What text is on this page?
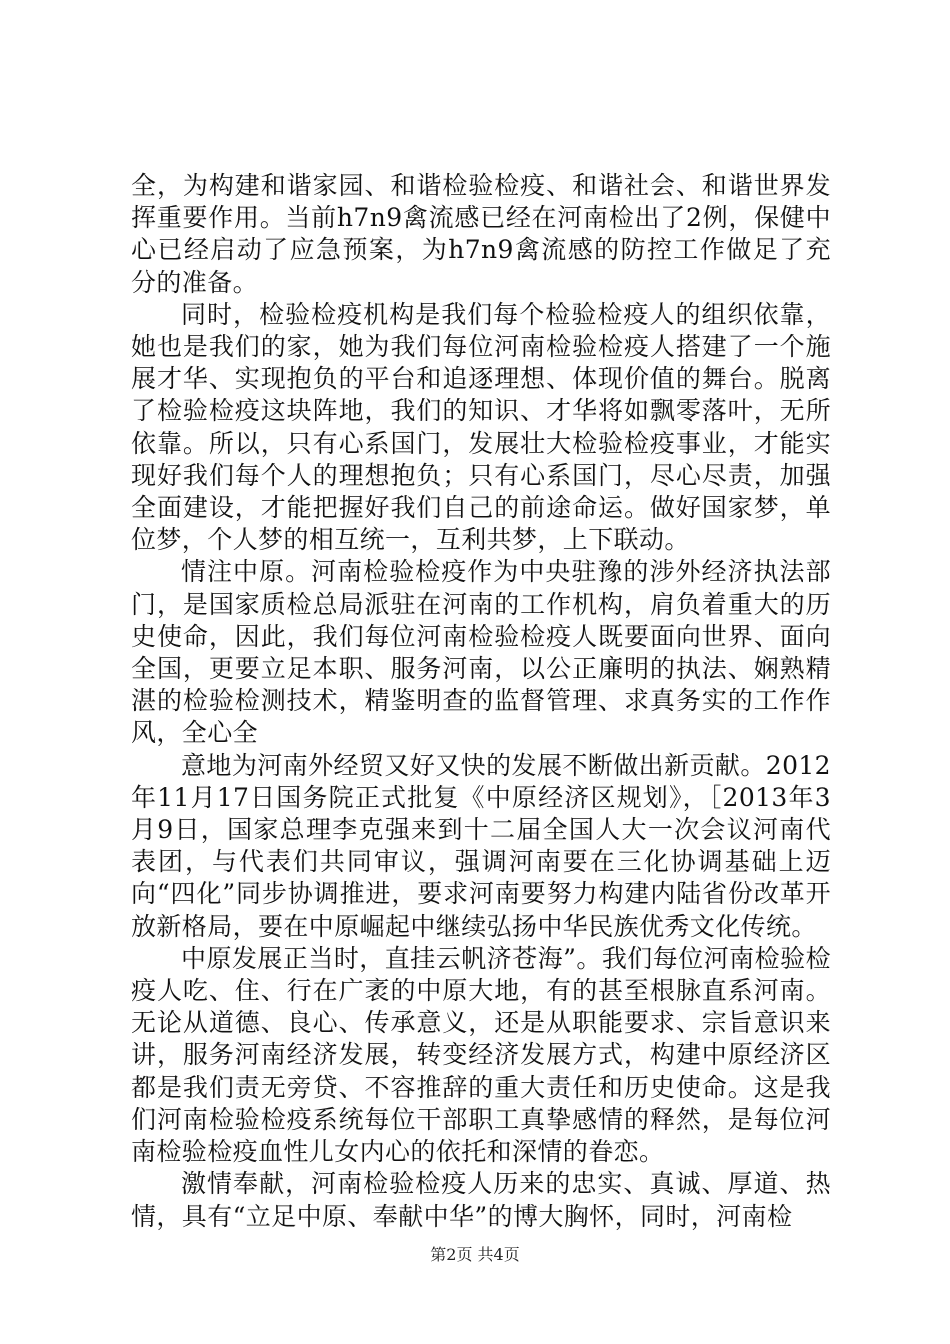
全，为构建和谐家园、和谐检验检疫、和谐社会、和谐世界发挥重要作用。当前h7n9禽流感已经在河南检出了2例，保健中心已经启动了应急预案，为h7n9禽流感的防控工作做足了充分的准备。

同时，检验检疫机构是我们每个检验检疫人的组织依靠，她也是我们的家，她为我们每位河南检验检疫人搭建了一个施展才华、实现抱负的平台和追逐理想、体现价值的舞台。脱离了检验检疫这块阵地，我们的知识、才华将如飘零落叶，无所依靠。所以，只有心系国门，发展壮大检验检疫事业，才能实现好我们每个人的理想抱负；只有心系国门，尽心尽责，加强全面建设，才能把握好我们自己的前途命运。做好国家梦，单位梦，个人梦的相互统一，互利共梦，上下联动。

情注中原。河南检验检疫作为中央驻豫的涉外经济执法部门，是国家质检总局派驻在河南的工作机构，肩负着重大的历史使命，因此，我们每位河南检验检疫人既要面向世界、面向全国，更要立足本职、服务河南，以公正廉明的执法、娴熟精湛的检验检测技术，精鉴明查的监督管理、求真务实的工作作风，全心全

意地为河南外经贸又好又快的发展不断做出新贡献。2012年11月17日国务院正式批复《中原经济区规划》，［2013年3月9日，国家总理李克强来到十二届全国人大一次会议河南代表团，与代表们共同审议，强调河南要在三化协调基础上迈向“四化”同步协调推进，要求河南要努力构建内陆省份改革开放新格局，要在中原崛起中继续弘扬中华民族优秀文化传统。

中原发展正当时，直挂云帆济苍海”。我们每位河南检验检疫人吃、住、行在广袤的中原大地，有的甚至根脉直系河南。无论从道德、良心、传承意义，还是从职能要求、宗旨意识来讲，服务河南经济发展，转变经济发展方式，构建中原经济区都是我们责无旁贷、不容推辞的重大责任和历史使命。这是我们河南检验检疫系统每位干部职工真挚感情的释然，是每位河南检验检疫血性儿女内心的依托和深情的眷恋。

激情奉献，河南检验检疫人历来的忠实、真诚、厚道、热情，具有“立足中原、奉献中华”的博大胸怀，同时，河南检

第2页 共4页
